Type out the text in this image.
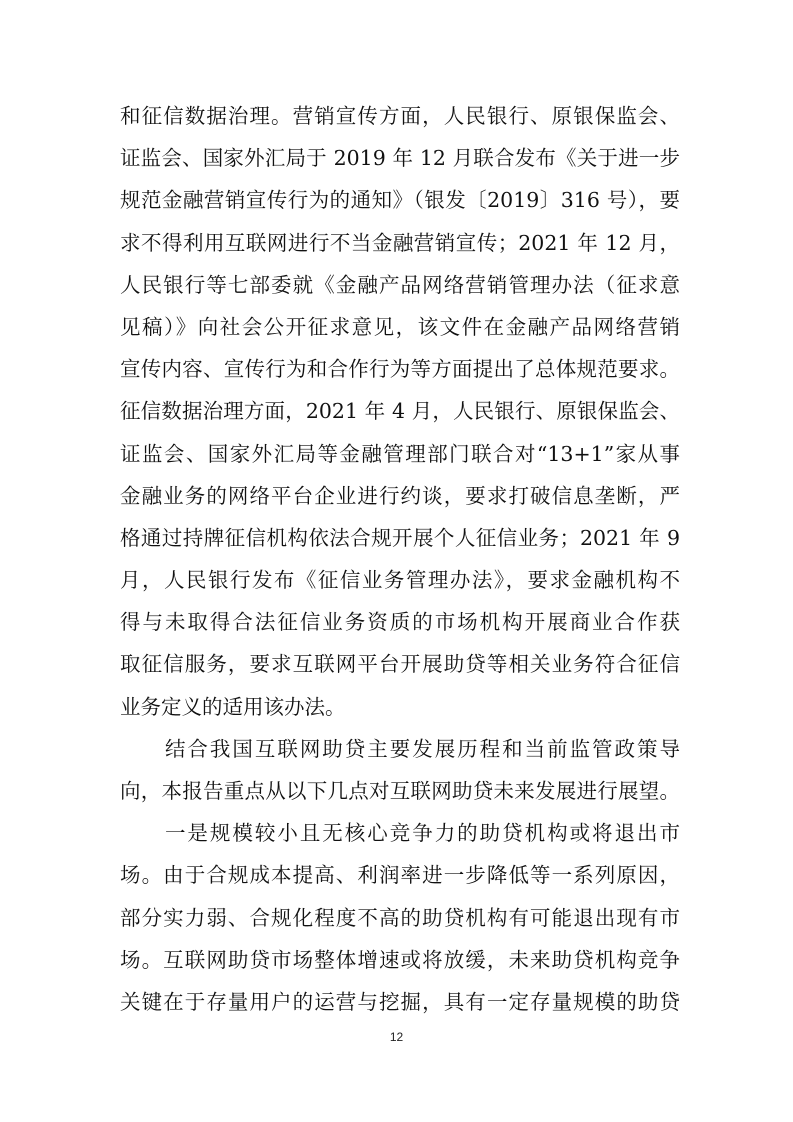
和征信数据治理。营销宣传方面，人民银行、原银保监会、
证监会、国家外汇局于 2019 年 12 月联合发布《关于进一步
规范金融营销宣传行为的通知》（银发〔2019〕316 号），要
求不得利用互联网进行不当金融营销宣传；2021 年 12 月，
人民银行等七部委就《金融产品网络营销管理办法（征求意
见稿）》向社会公开征求意见，该文件在金融产品网络营销
宣传内容、宣传行为和合作行为等方面提出了总体规范要求。
征信数据治理方面，2021 年 4 月，人民银行、原银保监会、
证监会、国家外汇局等金融管理部门联合对“13+1”家从事
金融业务的网络平台企业进行约谈，要求打破信息垄断，严
格通过持牌征信机构依法合规开展个人征信业务；2021 年 9
月，人民银行发布《征信业务管理办法》，要求金融机构不
得与未取得合法征信业务资质的市场机构开展商业合作获
取征信服务，要求互联网平台开展助贷等相关业务符合征信
业务定义的适用该办法。
　　结合我国互联网助贷主要发展历程和当前监管政策导
向，本报告重点从以下几点对互联网助贷未来发展进行展望。
　　一是规模较小且无核心竞争力的助贷机构或将退出市
场。由于合规成本提高、利润率进一步降低等一系列原因，
部分实力弱、合规化程度不高的助贷机构有可能退出现有市
场。互联网助贷市场整体增速或将放缓，未来助贷机构竞争
关键在于存量用户的运营与挖掘，具有一定存量规模的助贷
12
